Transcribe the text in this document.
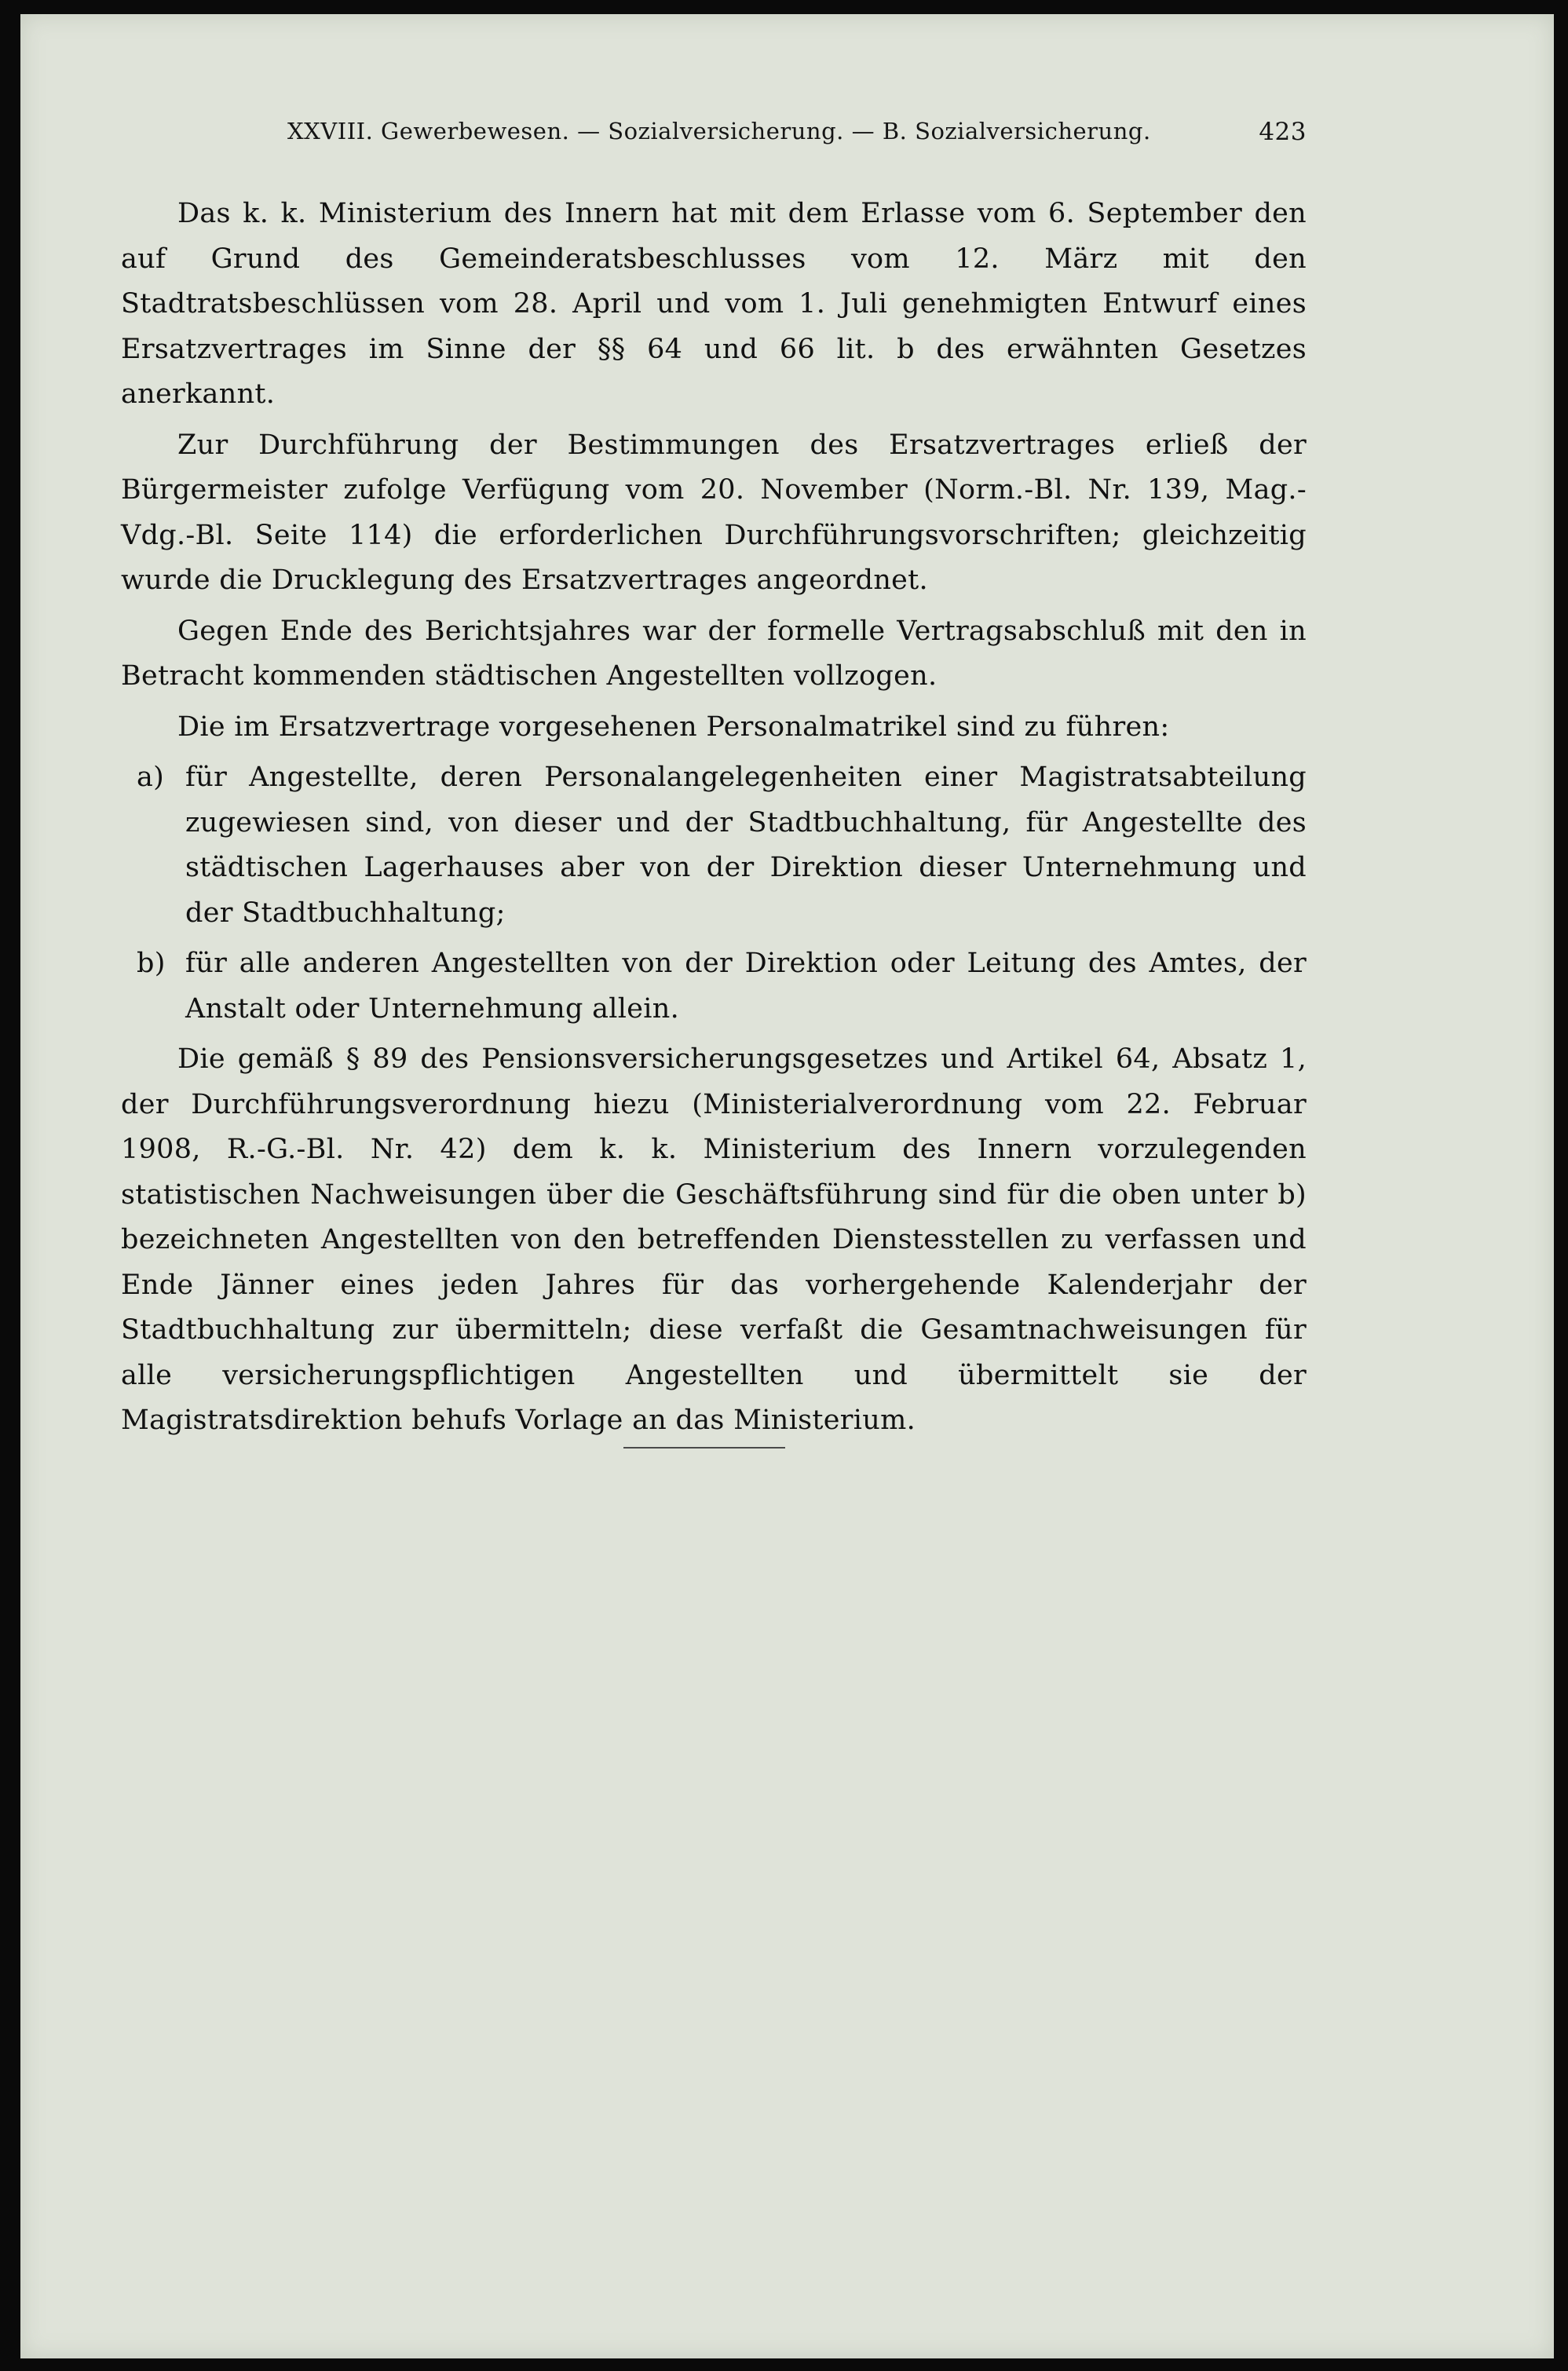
XXVIII. Gewerbewesen. — Sozialversicherung. — B. Sozialversicherung.	423

Das k. k. Ministerium des Innern hat mit dem Erlasse vom 6. September den auf Grund des Gemeinderatsbeschlusses vom 12. März mit den Stadtratsbeschlüssen vom 28. April und vom 1. Juli genehmigten Entwurf eines Ersatzvertrages im Sinne der §§ 64 und 66 lit. b des erwähnten Gesetzes anerkannt.

Zur Durchführung der Bestimmungen des Ersatzvertrages erließ der Bürgermeister zufolge Verfügung vom 20. November (Norm.-Bl. Nr. 139, Mag.-Vdg.-Bl. Seite 114) die erforderlichen Durchführungsvorschriften; gleichzeitig wurde die Drucklegung des Ersatzvertrages angeordnet.

Gegen Ende des Berichtsjahres war der formelle Vertragsabschluß mit den in Betracht kommenden städtischen Angestellten vollzogen.

Die im Ersatzvertrage vorgesehenen Personalmatrikel sind zu führen:

a) für Angestellte, deren Personalangelegenheiten einer Magistratsabteilung zugewiesen sind, von dieser und der Stadtbuchhaltung, für Angestellte des städtischen Lagerhauses aber von der Direktion dieser Unternehmung und der Stadtbuchhaltung;
b) für alle anderen Angestellten von der Direktion oder Leitung des Amtes, der Anstalt oder Unternehmung allein.

Die gemäß § 89 des Pensionsversicherungsgesetzes und Artikel 64, Absatz 1, der Durchführungsverordnung hiezu (Ministerialverordnung vom 22. Februar 1908, R.-G.-Bl. Nr. 42) dem k. k. Ministerium des Innern vorzulegenden statistischen Nachweisungen über die Geschäftsführung sind für die oben unter b) bezeichneten Angestellten von den betreffenden Dienstesstellen zu verfassen und Ende Jänner eines jeden Jahres für das vorhergehende Kalenderjahr der Stadtbuchhaltung zur übermitteln; diese verfaßt die Gesamtnachweisungen für alle versicherungspflichtigen Angestellten und übermittelt sie der Magistratsdirektion behufs Vorlage an das Ministerium.
